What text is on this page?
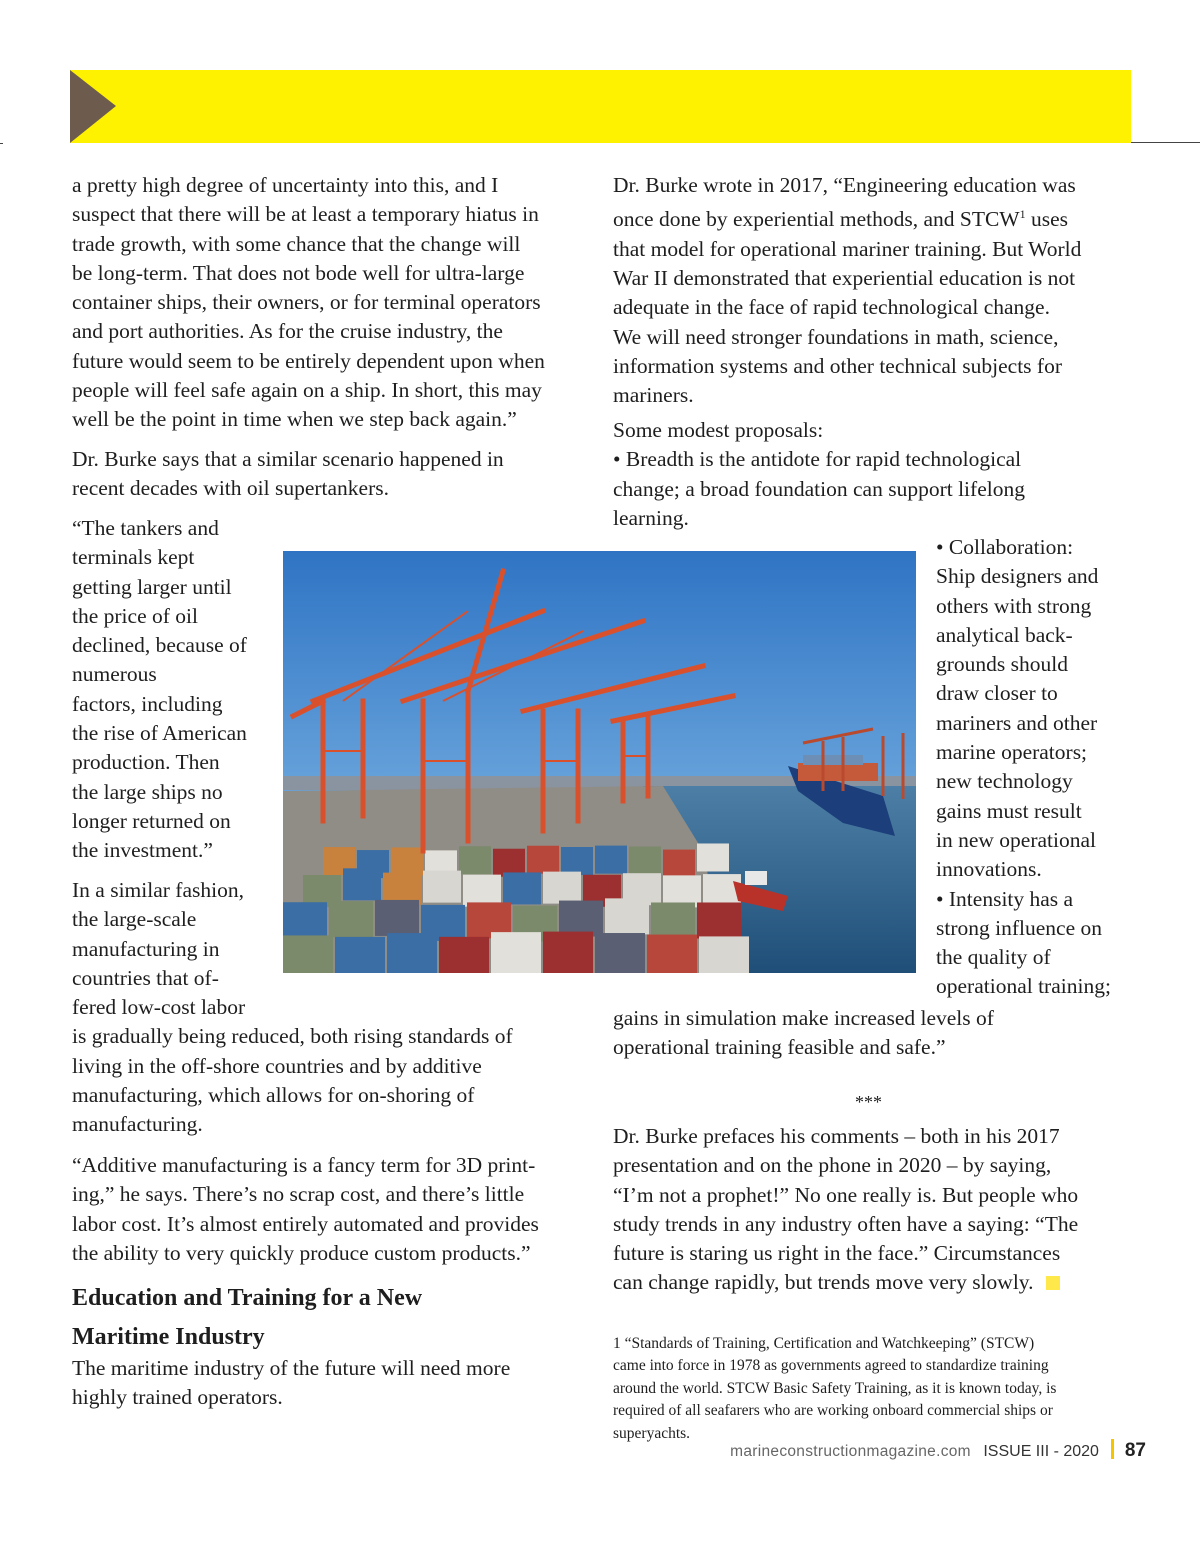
a pretty high degree of uncertainty into this, and I
suspect that there will be at least a temporary hiatus in
trade growth, with some chance that the change will
be long-term. That does not bode well for ultra-large
container ships, their owners, or for terminal operators
and port authorities. As for the cruise industry, the
future would seem to be entirely dependent upon when
people will feel safe again on a ship. In short, this may
well be the point in time when we step back again.”
Dr. Burke says that a similar scenario happened in
recent decades with oil supertankers.
“The tankers and
terminals kept
getting larger until
the price of oil
declined, because of
numerous
factors, including
the rise of American
production. Then
the large ships no
longer returned on
the investment.”
In a similar fashion,
the large-scale
manufacturing in
countries that of-
fered low-cost labor
is gradually being reduced, both rising standards of
living in the off-shore countries and by additive
manufacturing, which allows for on-shoring of
manufacturing.
“Additive manufacturing is a fancy term for 3D print-
ing,” he says. There’s no scrap cost, and there’s little
labor cost. It’s almost entirely automated and provides
the ability to very quickly produce custom products.”
Education and Training for a New
Maritime Industry
The maritime industry of the future will need more
highly trained operators.
Dr. Burke wrote in 2017, “Engineering education was
once done by experiential methods, and STCW$^1$ uses
that model for operational mariner training. But World
War II demonstrated that experiential education is not
adequate in the face of rapid technological change.
We will need stronger foundations in math, science,
information systems and other technical subjects for
mariners.
Some modest proposals:
• Breadth is the antidote for rapid technological
change; a broad foundation can support lifelong
learning.
• Collaboration:
Ship designers and
others with strong
analytical back-
grounds should
draw closer to
mariners and other
marine operators;
new technology
gains must result
in new operational
innovations.
• Intensity has a
strong influence on
the quality of
operational training;
gains in simulation make increased levels of
operational training feasible and safe.”
***
Dr. Burke prefaces his comments – both in his 2017
presentation and on the phone in 2020 – by saying,
“I’m not a prophet!” No one really is. But people who
study trends in any industry often have a saying: “The
future is staring us right in the face.” Circumstances
can change rapidly, but trends move very slowly.
1 “Standards of Training, Certification and Watchkeeping” (STCW)
came into force in 1978 as governments agreed to standardize training
around the world. STCW Basic Safety Training, as it is known today, is
required of all seafarers who are working onboard commercial ships or
superyachts.
marineconstructionmagazine.com ISSUE III - 2020 87
